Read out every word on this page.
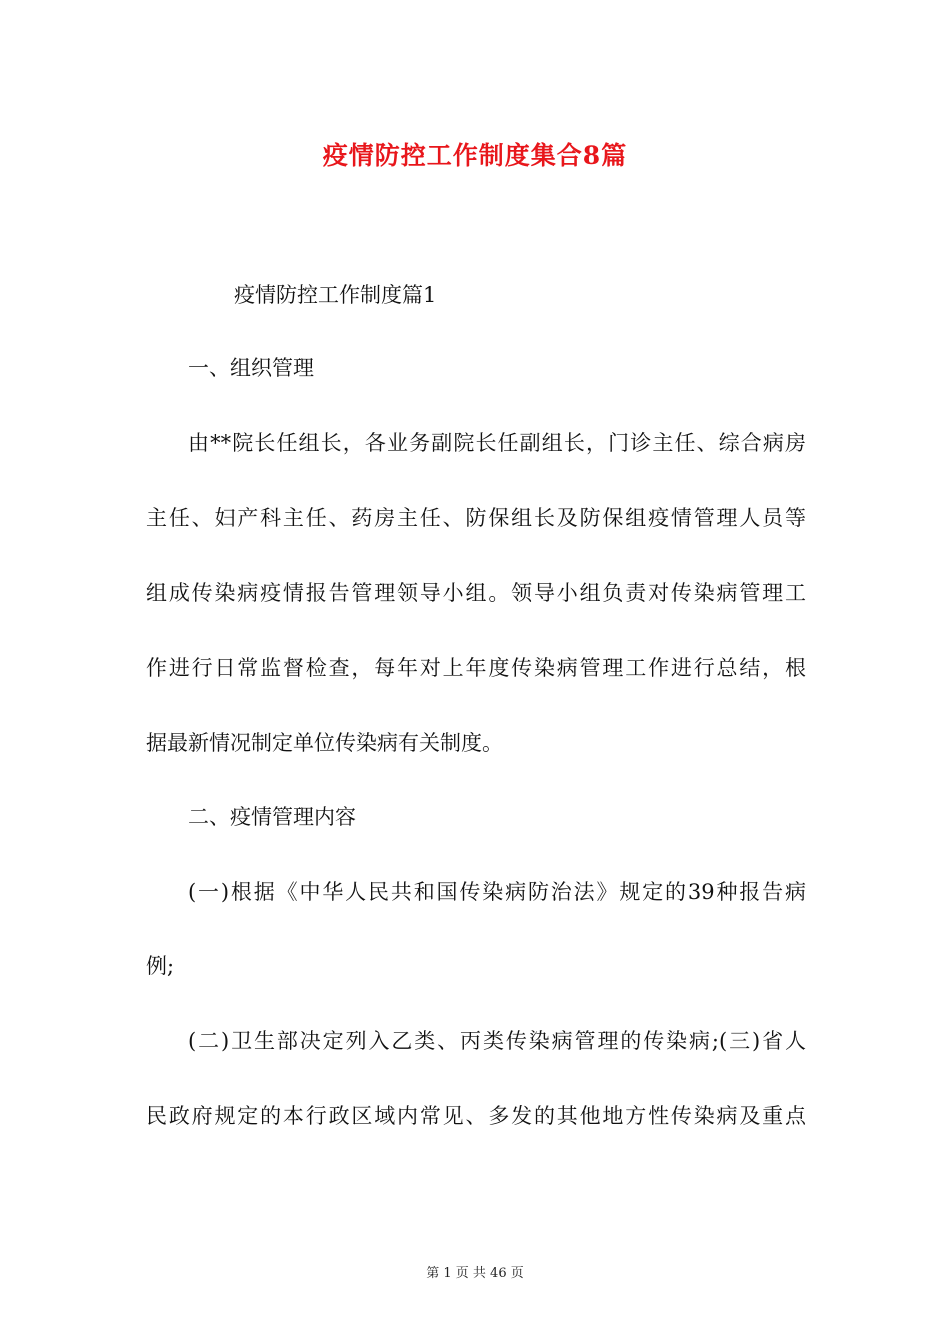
疫情防控工作制度集合8篇

疫情防控工作制度篇1

一、组织管理

由**院长任组长，各业务副院长任副组长，门诊主任、综合病房

主任、妇产科主任、药房主任、防保组长及防保组疫情管理人员等

组成传染病疫情报告管理领导小组。领导小组负责对传染病管理工

作进行日常监督检查，每年对上年度传染病管理工作进行总结，根

据最新情况制定单位传染病有关制度。

二、疫情管理内容

(一)根据《中华人民共和国传染病防治法》规定的39种报告病

例;

(二)卫生部决定列入乙类、丙类传染病管理的传染病;(三)省人

民政府规定的本行政区域内常见、多发的其他地方性传染病及重点

第 1 页 共 46 页
